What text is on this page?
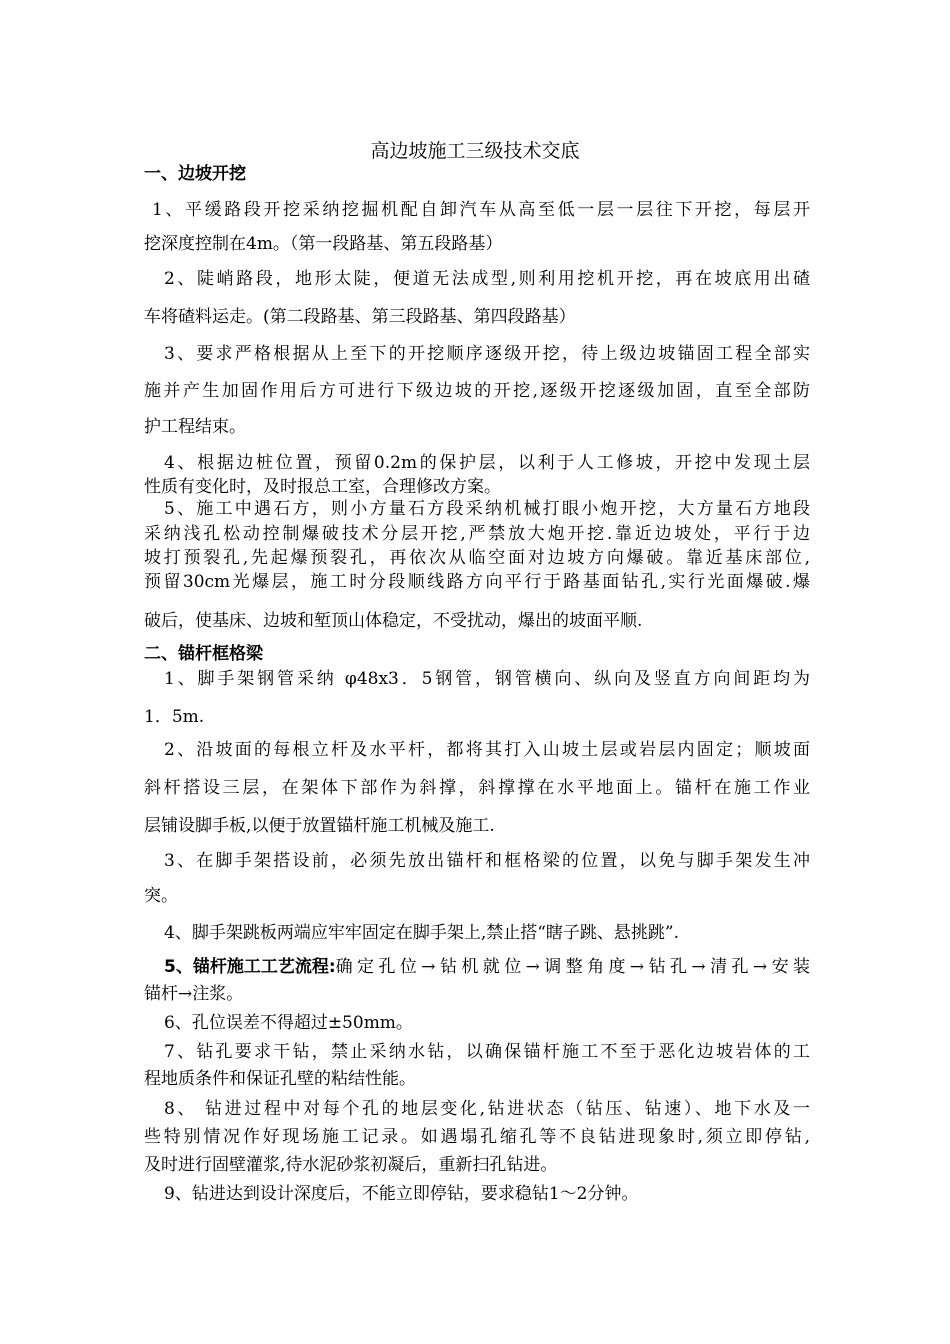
高边坡施工三级技术交底
一、边坡开挖
1、平缓路段开挖采纳挖掘机配自卸汽车从高至低一层一层往下开挖，每层开
挖深度控制在4m。（第一段路基、第五段路基）
2、陡峭路段，地形太陡，便道无法成型,则利用挖机开挖，再在坡底用出碴
车将碴料运走。(第二段路基、第三段路基、第四段路基）
3、要求严格根据从上至下的开挖顺序逐级开挖，待上级边坡锚固工程全部实
施并产生加固作用后方可进行下级边坡的开挖,逐级开挖逐级加固，直至全部防
护工程结束。
4、根据边桩位置，预留0.2m的保护层，以利于人工修坡，开挖中发现土层
性质有变化时，及时报总工室，合理修改方案。
5、施工中遇石方，则小方量石方段采纳机械打眼小炮开挖，大方量石方地段
采纳浅孔松动控制爆破技术分层开挖,严禁放大炮开挖.靠近边坡处，平行于边
坡打预裂孔,先起爆预裂孔，再依次从临空面对边坡方向爆破。靠近基床部位,
预留30cm光爆层，施工时分段顺线路方向平行于路基面钻孔,实行光面爆破.爆
破后，使基床、边坡和堑顶山体稳定，不受扰动，爆出的坡面平顺.
二、锚杆框格梁
1、脚手架钢管采纳 φ48x3．5钢管，钢管横向、纵向及竖直方向间距均为
1．5m.
2、沿坡面的每根立杆及水平杆，都将其打入山坡土层或岩层内固定；顺坡面
斜杆搭设三层，在架体下部作为斜撑，斜撑撑在水平地面上。锚杆在施工作业
层铺设脚手板,以便于放置锚杆施工机械及施工.
3、在脚手架搭设前，必须先放出锚杆和框格梁的位置，以免与脚手架发生冲
突。
4、脚手架跳板两端应牢牢固定在脚手架上,禁止搭“瞎子跳、悬挑跳”.
5、锚杆施工工艺流程: 确定孔位→钻机就位→调整角度→钻孔→清孔→安装
锚杆→注浆。
6、孔位误差不得超过±50mm。
7、钻孔要求干钻，禁止采纳水钻，以确保锚杆施工不至于恶化边坡岩体的工
程地质条件和保证孔壁的粘结性能。
8、 钻进过程中对每个孔的地层变化,钻进状态（钻压、钻速）、地下水及一
些特别情况作好现场施工记录。如遇塌孔缩孔等不良钻进现象时,须立即停钻,
及时进行固壁灌浆,待水泥砂浆初凝后，重新扫孔钻进。
9、钻进达到设计深度后，不能立即停钻，要求稳钻1～2分钟。
